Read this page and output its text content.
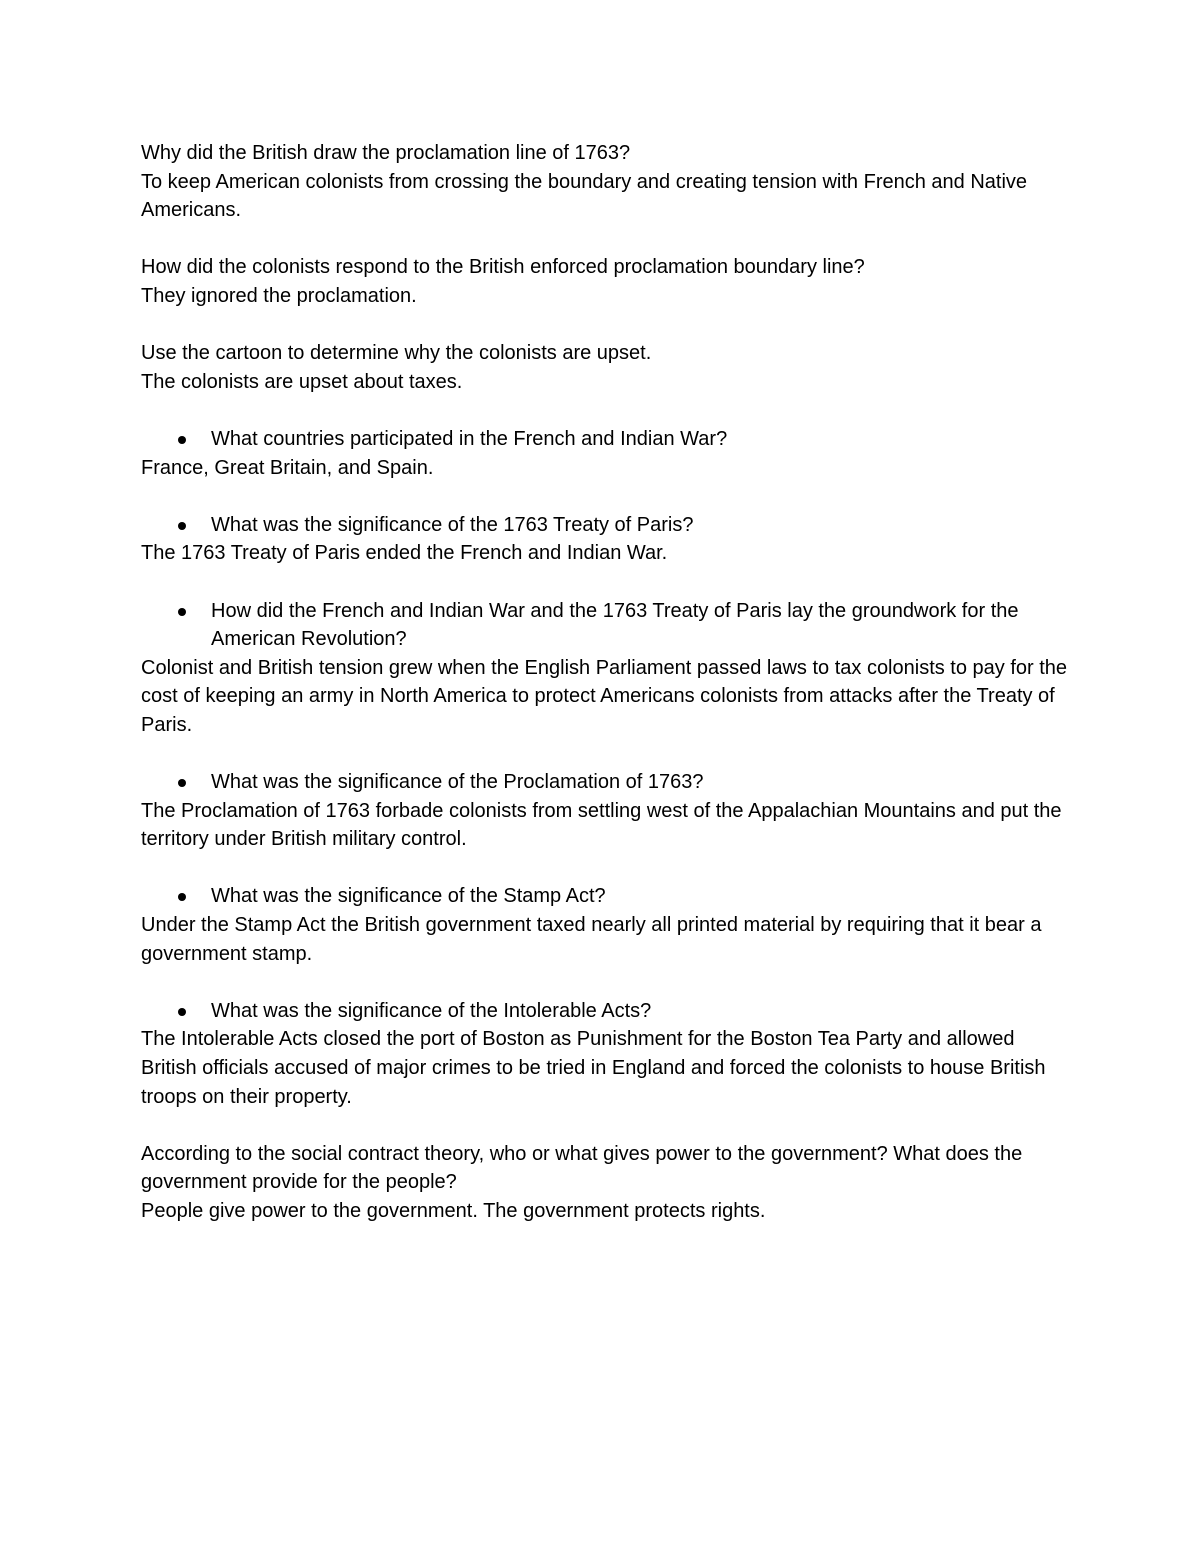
Why did the British draw the proclamation line of 1763?

To keep American colonists from crossing the boundary and creating tension with French and Native Americans.

How did the colonists respond to the British enforced proclamation boundary line?

They ignored the proclamation.

Use the cartoon to determine why the colonists are upset.

The colonists are upset about taxes.

What countries participated in the French and Indian War?

France, Great Britain, and Spain.

What was the significance of the 1763 Treaty of Paris?

The 1763 Treaty of Paris ended the French and Indian War.

How did the French and Indian War and the 1763 Treaty of Paris lay the groundwork for the American Revolution?

Colonist and British tension grew when the English Parliament passed laws to tax colonists to pay for the cost of keeping an army in North America to protect Americans colonists from attacks after the Treaty of Paris.

What was the significance of the Proclamation of 1763?

The Proclamation of 1763 forbade colonists from settling west of the Appalachian Mountains and put the territory under British military control.

What was the significance of the Stamp Act?

Under the Stamp Act the British government taxed nearly all printed material by requiring that it bear a government stamp.

What was the significance of the Intolerable Acts?

The Intolerable Acts closed the port of Boston as Punishment for the Boston Tea Party and allowed British officials accused of major crimes to be tried in England and forced the colonists to house British troops on their property.

According to the social contract theory, who or what gives power to the government? What does the government provide for the people?

People give power to the government. The government protects rights.
